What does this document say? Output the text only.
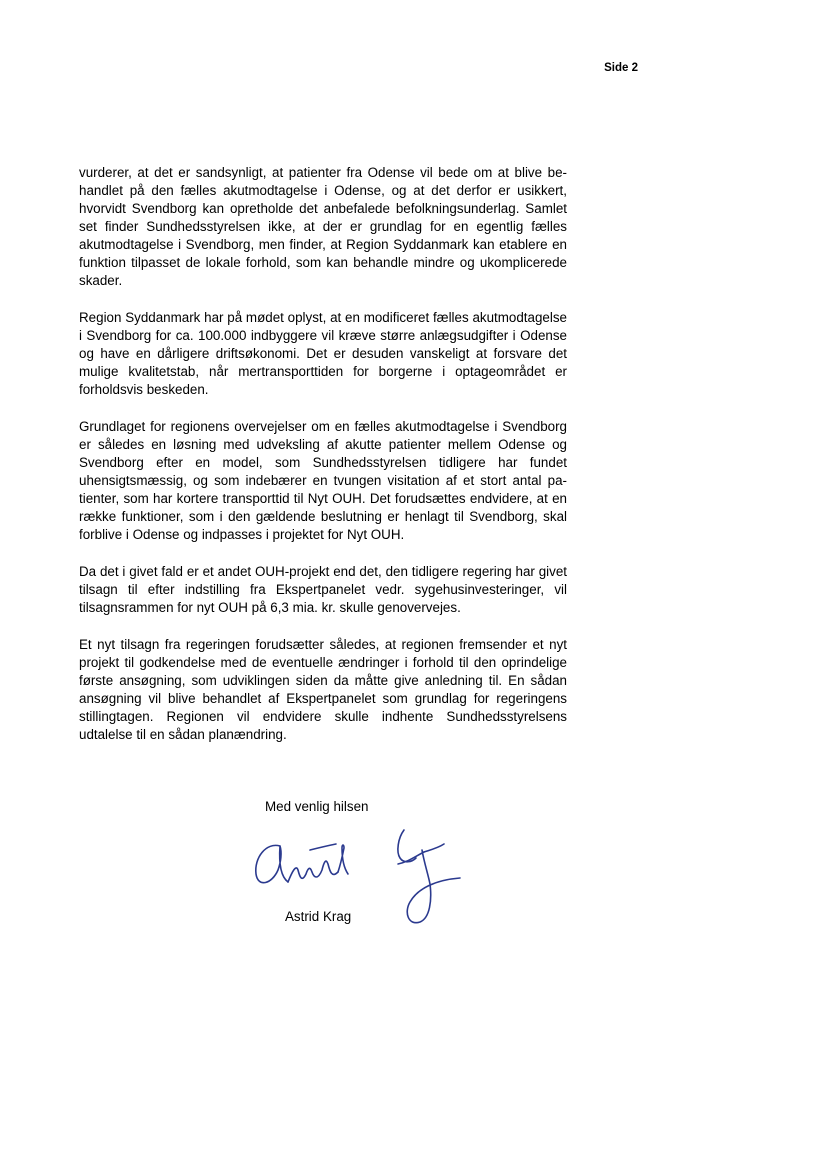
Side 2

vurderer, at det er sandsynligt, at patienter fra Odense vil bede om at blive behandlet på den fælles akutmodtagelse i Odense, og at det derfor er usikkert, hvorvidt Svendborg kan opretholde det anbefalede befolkningsunderlag. Samlet set finder Sundhedsstyrelsen ikke, at der er grundlag for en egentlig fælles akutmodtagelse i Svendborg, men finder, at Region Syddanmark kan etablere en funktion tilpasset de lokale forhold, som kan behandle mindre og ukomplicerede skader.

Region Syddanmark har på mødet oplyst, at en modificeret fælles akutmodtagelse i Svendborg for ca. 100.000 indbyggere vil kræve større anlægsudgifter i Odense og have en dårligere driftsøkonomi. Det er desuden vanskeligt at forsvare det mulige kvalitetstab, når mertransporttiden for borgerne i optageområdet er forholdsvis beskeden.

Grundlaget for regionens overvejelser om en fælles akutmodtagelse i Svendborg er således en løsning med udveksling af akutte patienter mellem Odense og Svendborg efter en model, som Sundhedsstyrelsen tidligere har fundet uhensigtsmæssig, og som indebærer en tvungen visitation af et stort antal patienter, som har kortere transporttid til Nyt OUH. Det forudsættes endvidere, at en række funktioner, som i den gældende beslutning er henlagt til Svendborg, skal forblive i Odense og indpasses i projektet for Nyt OUH.

Da det i givet fald er et andet OUH-projekt end det, den tidligere regering har givet tilsagn til efter indstilling fra Ekspertpanelet vedr. sygehusinvesteringer, vil tilsagnsrammen for nyt OUH på 6,3 mia. kr. skulle genovervejes.

Et nyt tilsagn fra regeringen forudsætter således, at regionen fremsender et nyt projekt til godkendelse med de eventuelle ændringer i forhold til den oprindelige første ansøgning, som udviklingen siden da måtte give anledning til. En sådan ansøgning vil blive behandlet af Ekspertpanelet som grundlag for regeringens stillingtagen. Regionen vil endvidere skulle indhente Sundhedsstyrelsens udtalelse til en sådan planændring.

Med venlig hilsen
Astrid Krag
